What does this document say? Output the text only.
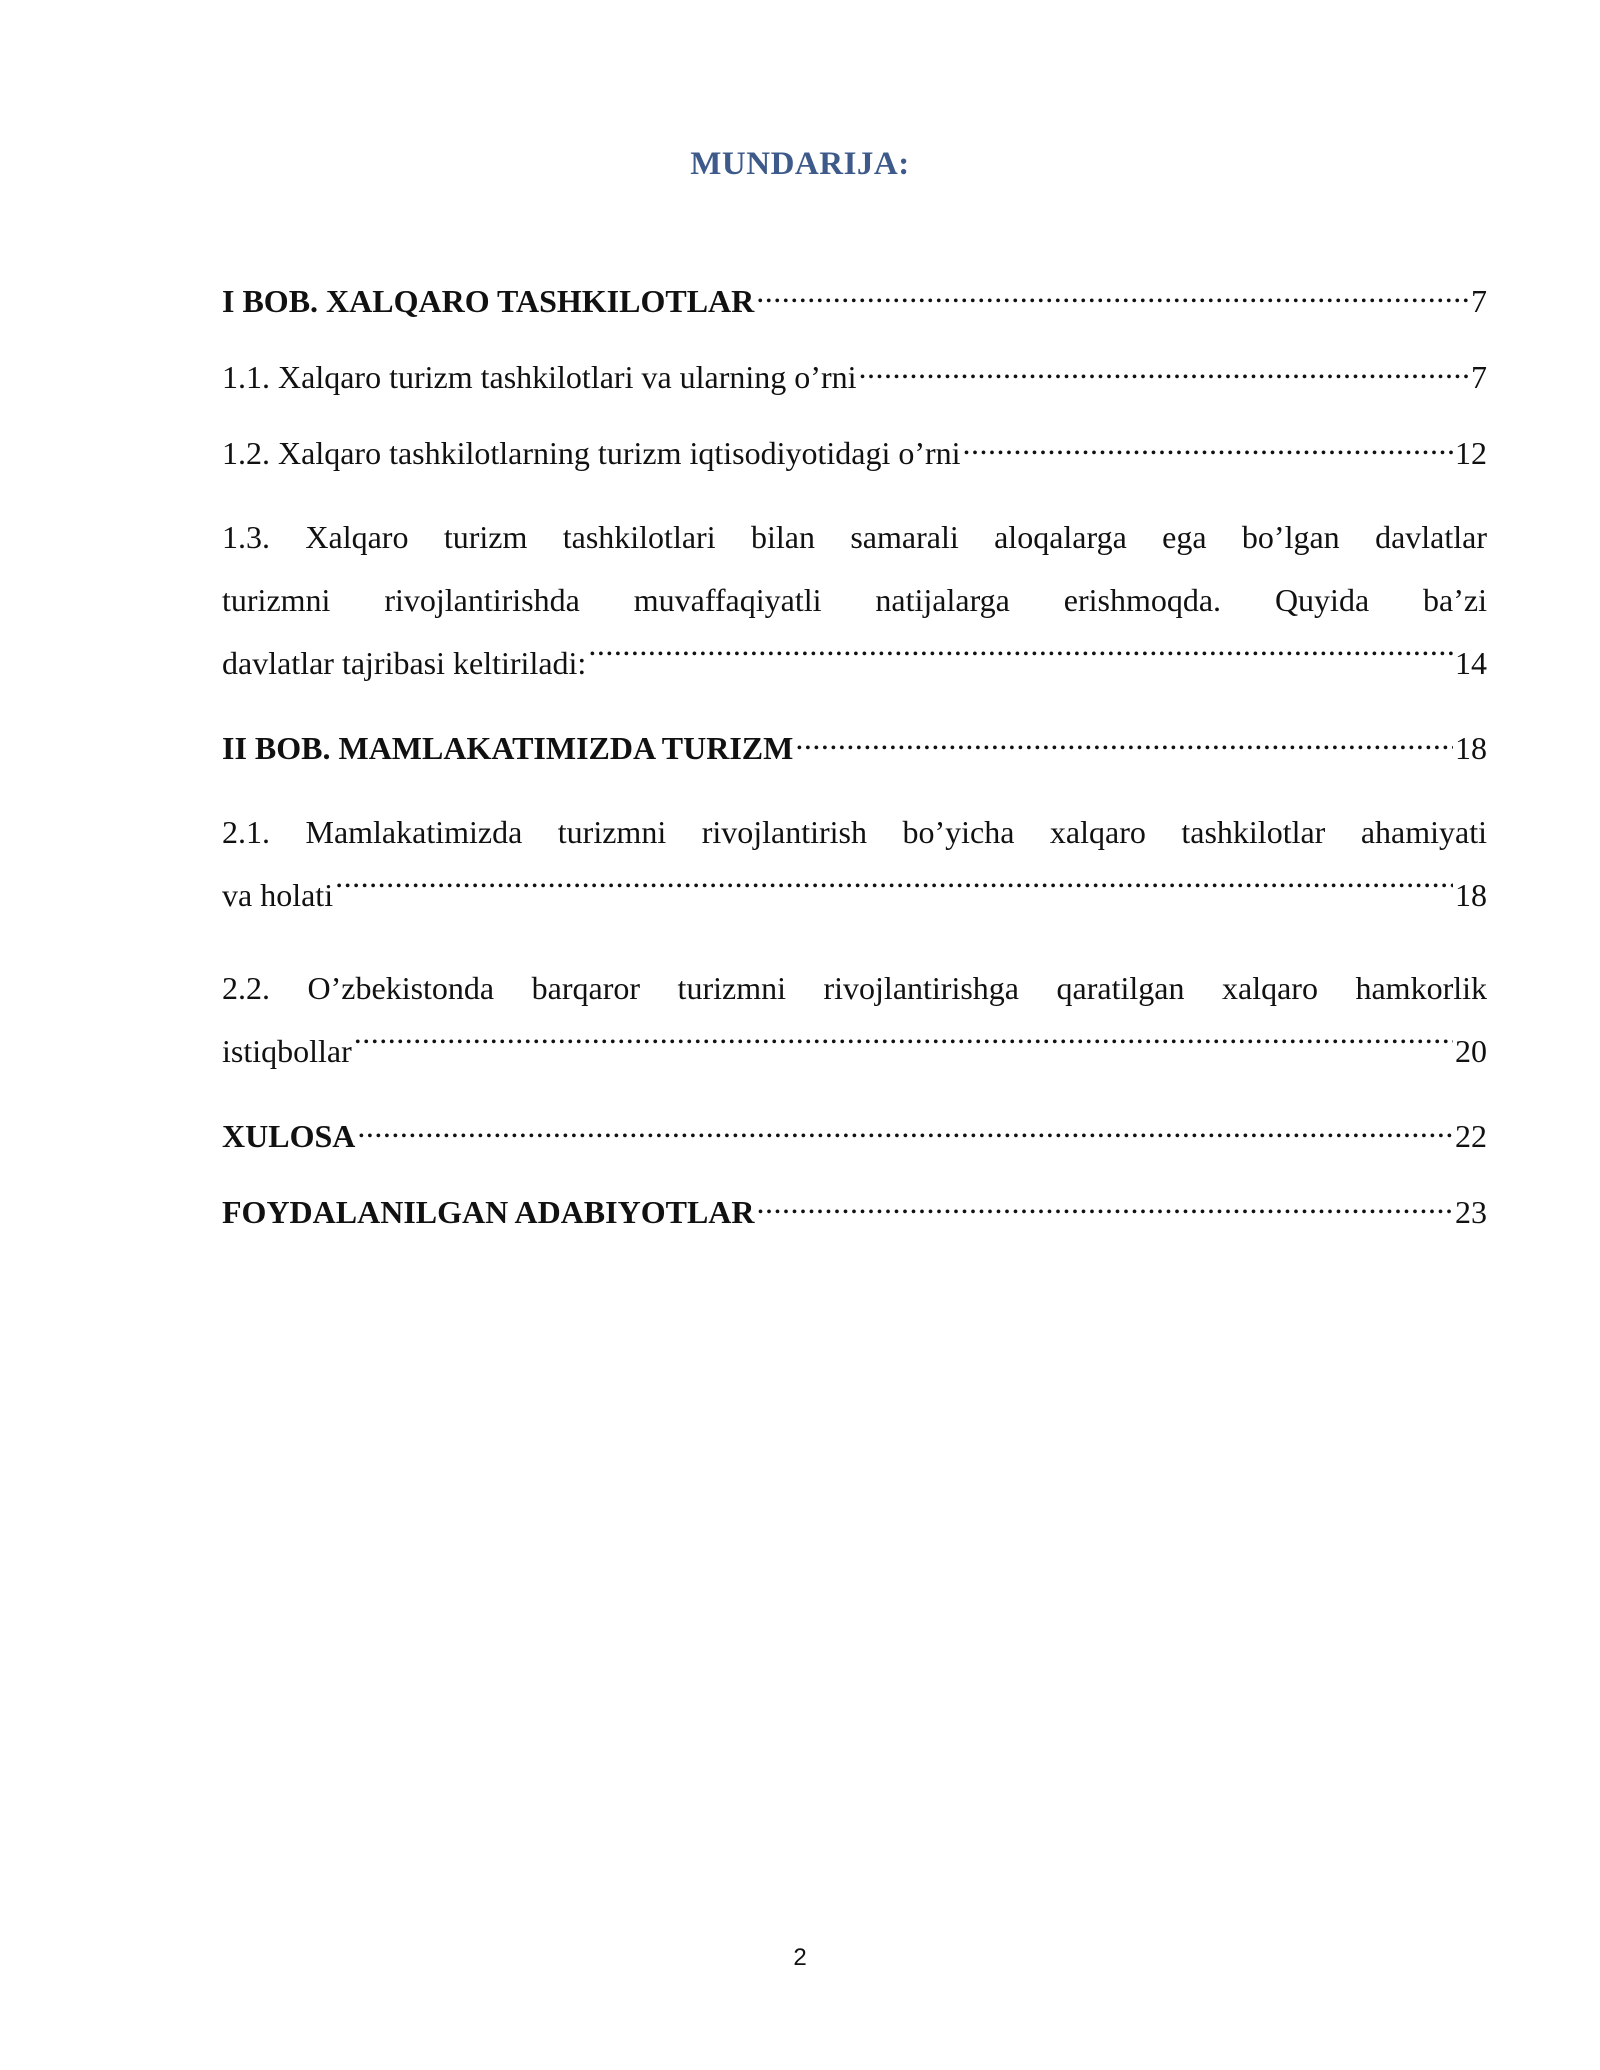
MUNDARIJA:
I BOB. XALQARO TASHKILOTLAR .....	7
1.1. Xalqaro turizm tashkilotlari va ularning o’rni .....	7
1.2. Xalqaro tashkilotlarning turizm iqtisodiyotidagi o’rni .....	12
1.3. Xalqaro turizm tashkilotlari bilan samarali aloqalarga ega bo’lgan davlatlar
turizmni rivojlantirishda muvaffaqiyatli natijalarga erishmoqda. Quyida ba’zi
davlatlar tajribasi keltiriladi: .....	14
II BOB. MAMLAKATIMIZDA TURIZM .....	18
2.1. Mamlakatimizda turizmni rivojlantirish bo’yicha xalqaro tashkilotlar ahamiyati
va holati .....	18
2.2. O’zbekistonda barqaror turizmni rivojlantirishga qaratilgan xalqaro hamkorlik
istiqbollar .....	20
XULOSA .....	22
FOYDALANILGAN ADABIYOTLAR .....	23
2
